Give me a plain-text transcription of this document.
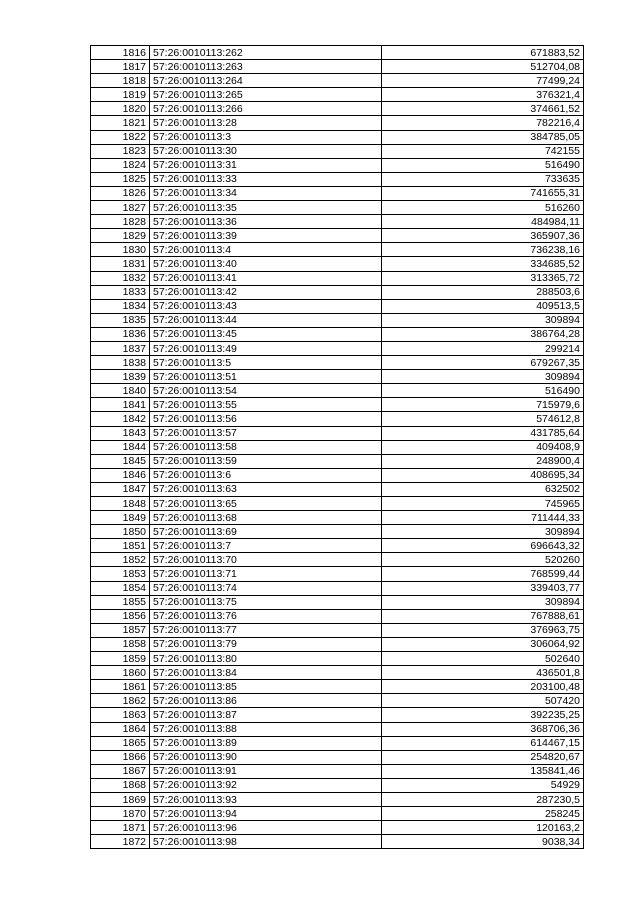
1816	57:26:0010113:262	671883,52
1817	57:26:0010113:263	512704,08
1818	57:26:0010113:264	77499,24
1819	57:26:0010113:265	376321,4
1820	57:26:0010113:266	374661,52
1821	57:26:0010113:28	782216,4
1822	57:26:0010113:3	384785,05
1823	57:26:0010113:30	742155
1824	57:26:0010113:31	516490
1825	57:26:0010113:33	733635
1826	57:26:0010113:34	741655,31
1827	57:26:0010113:35	516260
1828	57:26:0010113:36	484984,11
1829	57:26:0010113:39	365907,36
1830	57:26:0010113:4	736238,16
1831	57:26:0010113:40	334685,52
1832	57:26:0010113:41	313365,72
1833	57:26:0010113:42	288503,6
1834	57:26:0010113:43	409513,5
1835	57:26:0010113:44	309894
1836	57:26:0010113:45	386764,28
1837	57:26:0010113:49	299214
1838	57:26:0010113:5	679267,35
1839	57:26:0010113:51	309894
1840	57:26:0010113:54	516490
1841	57:26:0010113:55	715979,6
1842	57:26:0010113:56	574612,8
1843	57:26:0010113:57	431785,64
1844	57:26:0010113:58	409408,9
1845	57:26:0010113:59	248900,4
1846	57:26:0010113:6	408695,34
1847	57:26:0010113:63	632502
1848	57:26:0010113:65	745965
1849	57:26:0010113:68	711444,33
1850	57:26:0010113:69	309894
1851	57:26:0010113:7	696643,32
1852	57:26:0010113:70	520260
1853	57:26:0010113:71	768599,44
1854	57:26:0010113:74	339403,77
1855	57:26:0010113:75	309894
1856	57:26:0010113:76	767888,61
1857	57:26:0010113:77	376963,75
1858	57:26:0010113:79	306064,92
1859	57:26:0010113:80	502640
1860	57:26:0010113:84	436501,8
1861	57:26:0010113:85	203100,48
1862	57:26:0010113:86	507420
1863	57:26:0010113:87	392235,25
1864	57:26:0010113:88	368706,36
1865	57:26:0010113:89	614467,15
1866	57:26:0010113:90	254820,67
1867	57:26:0010113:91	135841,46
1868	57:26:0010113:92	54929
1869	57:26:0010113:93	287230,5
1870	57:26:0010113:94	258245
1871	57:26:0010113:96	120163,2
1872	57:26:0010113:98	9038,34
